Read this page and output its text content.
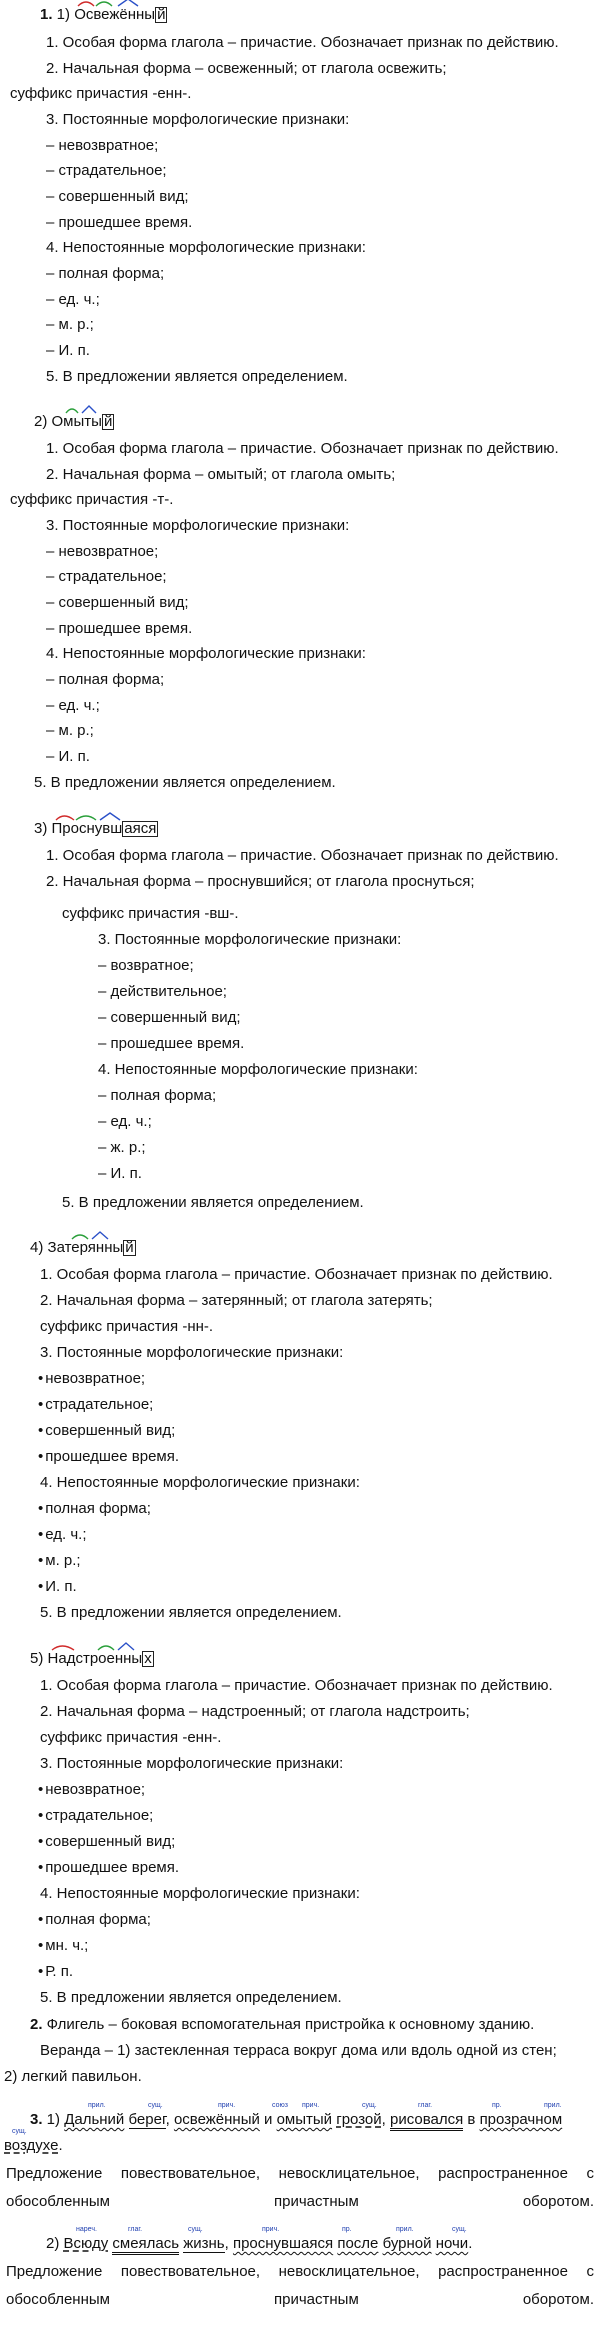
1. 1)
Освежённы й
1. Особая форма глагола – причастие. Обозначает признак по действию.
2. Начальная форма – освеженный; от глагола освежить;
суффикс причастия -енн-.
3. Постоянные морфологические признаки:
– невозвратное;
– страдательное;
– совершенный вид;
– прошедшее время.
4. Непостоянные морфологические признаки:
– полная форма;
– ед. ч.;
– м. р.;
– И. п.
5. В предложении является определением.
2)
Омыты й
1. Особая форма глагола – причастие. Обозначает признак по действию.
2. Начальная форма – омытый; от глагола омыть;
суффикс причастия -т-.
3. Постоянные морфологические признаки:
– невозвратное;
– страдательное;
– совершенный вид;
– прошедшее время.
4. Непостоянные морфологические признаки:
– полная форма;
– ед. ч.;
– м. р.;
– И. п.
5. В предложении является определением.
3)
Проснувш аяся
1. Особая форма глагола – причастие. Обозначает признак по действию.
2. Начальная форма – проснувшийся; от глагола проснуться;
суффикс причастия -вш-.
3. Постоянные морфологические признаки:
– возвратное;
– действительное;
– совершенный вид;
– прошедшее время.
4. Непостоянные морфологические признаки:
– полная форма;
– ед. ч.;
– ж. р.;
– И. п.
5. В предложении является определением.
4)
Затерянны й
1. Особая форма глагола – причастие. Обозначает признак по действию.
2. Начальная форма – затерянный; от глагола затерять;
суффикс причастия -нн-.
3. Постоянные морфологические признаки:
• невозвратное;
• страдательное;
• совершенный вид;
• прошедшее время.
4. Непостоянные морфологические признаки:
• полная форма;
• ед. ч.;
• м. р.;
• И. п.
5. В предложении является определением.
5)
Надстроенны х
1. Особая форма глагола – причастие. Обозначает признак по действию.
2. Начальная форма – надстроенный; от глагола надстроить;
суффикс причастия -енн-.
3. Постоянные морфологические признаки:
• невозвратное;
• страдательное;
• совершенный вид;
• прошедшее время.
4. Непостоянные морфологические признаки:
• полная форма;
• мн. ч.;
• Р. п.
5. В предложении является определением.
2. Флигель – боковая вспомогательная пристройка к основному зданию.
Веранда – 1) застекленная терраса вокруг дома или вдоль одной из стен;
2) легкий павильон.
прил.	сущ.	прич.	союз прич.	сущ.	глаг.	пр.	прил.
сущ.
3. 1) Дальний берег, освежённый и омытый грозой, рисовался в прозрачном
воздухе.
Предложение повествовательное, невосклицательное, распространенное с обособленным причастным оборотом.
нареч.	глаг.	сущ.	прич.	пр.	прил.	сущ.
2) Всюду смеялась жизнь, проснувшаяся после бурной ночи.
Предложение повествовательное, невосклицательное, распространенное с обособленным причастным оборотом.
